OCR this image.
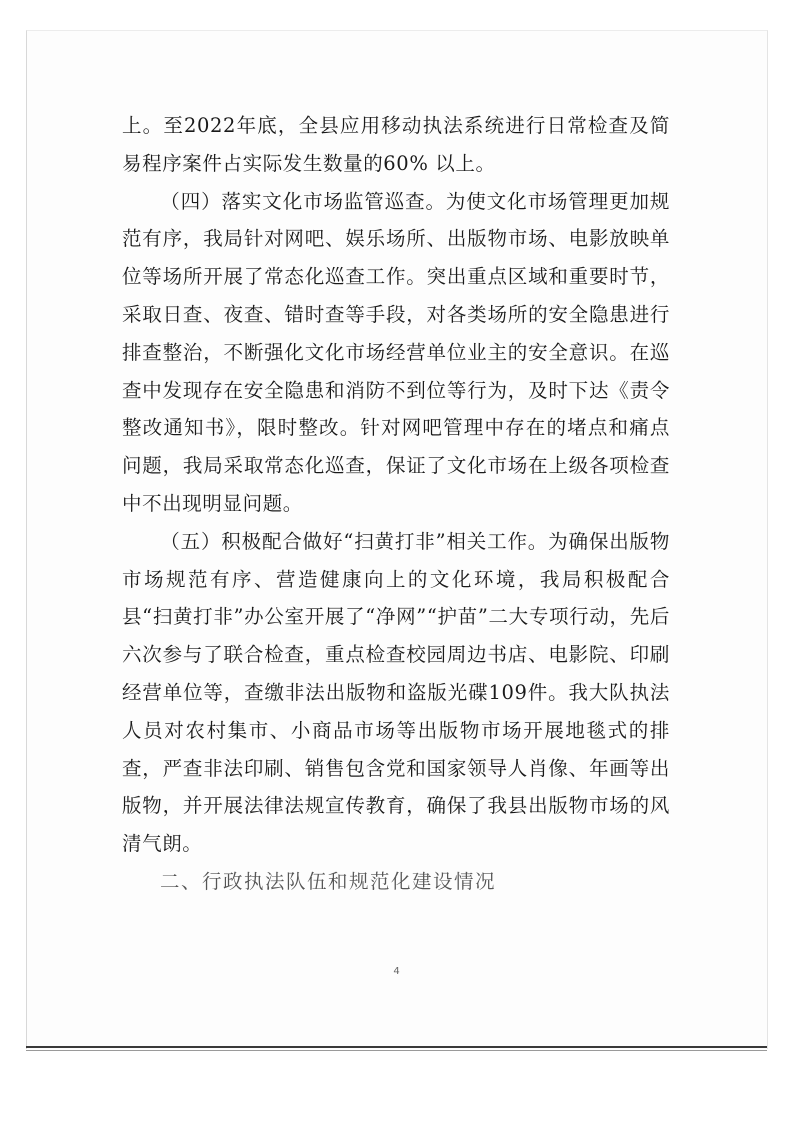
上。至2022年底，全县应用移动执法系统进行日常检查及简易程序案件占实际发生数量的60% 以上。

（四）落实文化市场监管巡查。为使文化市场管理更加规范有序，我局针对网吧、娱乐场所、出版物市场、电影放映单位等场所开展了常态化巡查工作。突出重点区域和重要时节，采取日查、夜查、错时查等手段，对各类场所的安全隐患进行排查整治，不断强化文化市场经营单位业主的安全意识。在巡查中发现存在安全隐患和消防不到位等行为，及时下达《责令整改通知书》，限时整改。针对网吧管理中存在的堵点和痛点问题，我局采取常态化巡查，保证了文化市场在上级各项检查中不出现明显问题。

（五）积极配合做好“扫黄打非”相关工作。为确保出版物市场规范有序、营造健康向上的文化环境，我局积极配合县“扫黄打非”办公室开展了“净网”“护苗”二大专项行动，先后六次参与了联合检查，重点检查校园周边书店、电影院、印刷经营单位等，查缴非法出版物和盗版光碟109件。我大队执法人员对农村集市、小商品市场等出版物市场开展地毯式的排查，严查非法印刷、销售包含党和国家领导人肖像、年画等出版物，并开展法律法规宣传教育，确保了我县出版物市场的风清气朗。

二、行政执法队伍和规范化建设情况

4
